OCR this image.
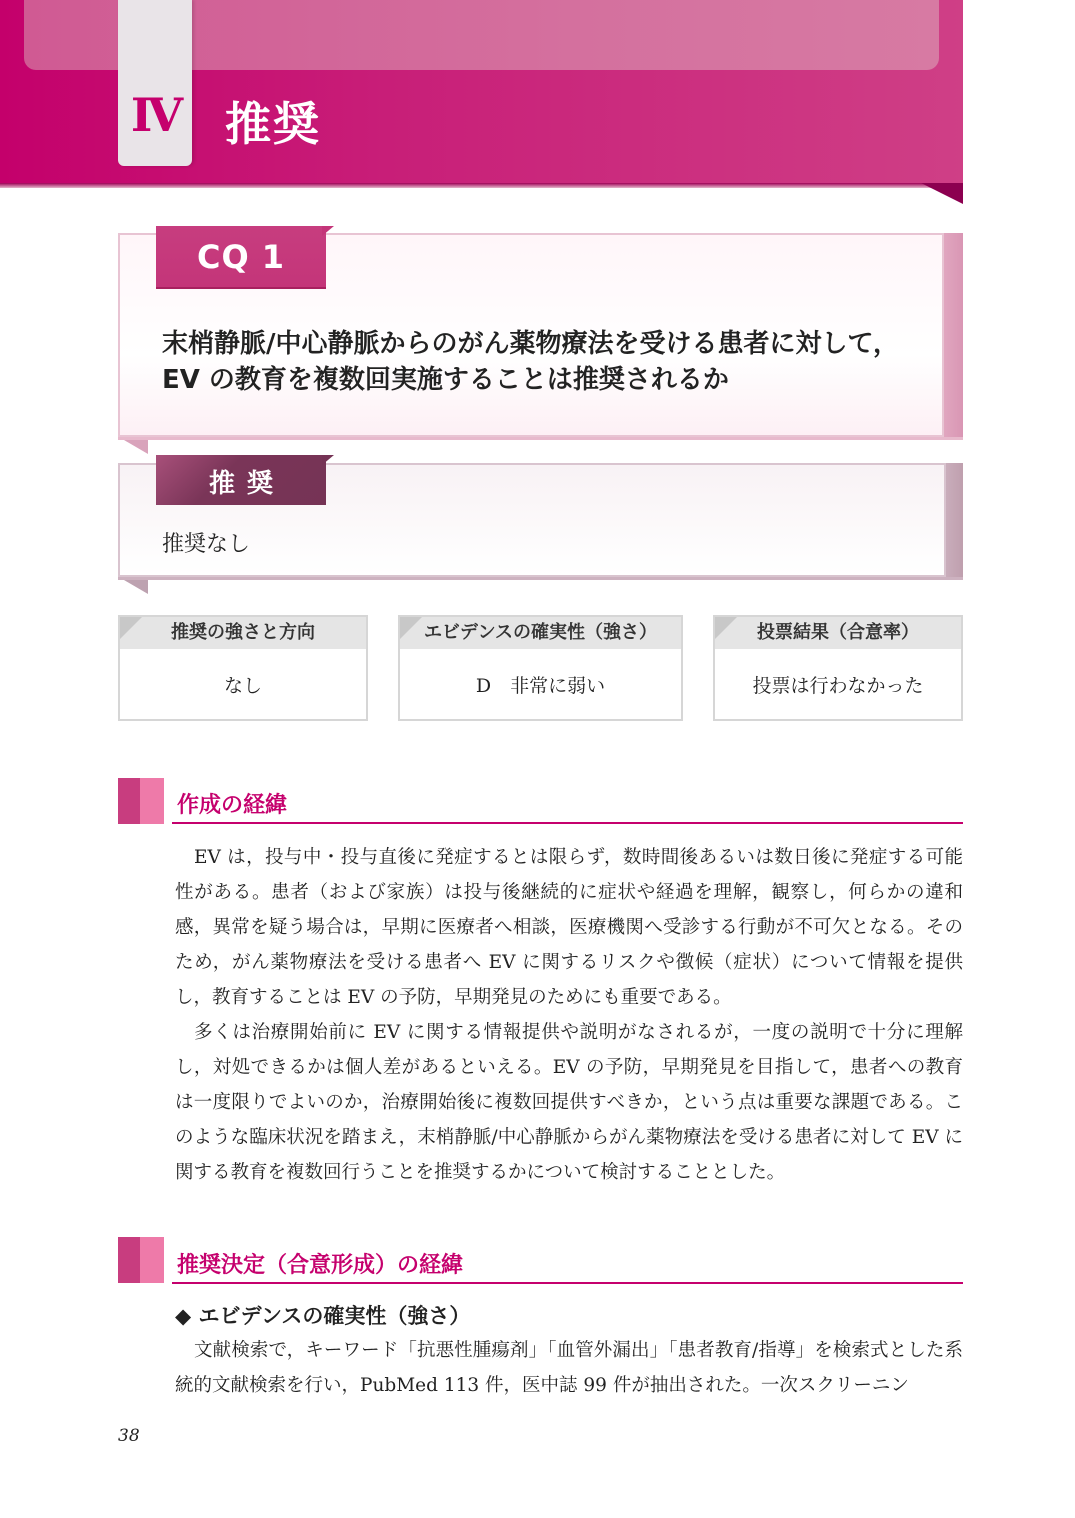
Ⅳ 推奨
CQ 1
末梢静脈/中心静脈からのがん薬物療法を受ける患者に対して，
EV の教育を複数回実施することは推奨されるか
推奨
推奨なし
推奨の強さと方向
なし
エビデンスの確実性（強さ）
D　非常に弱い
投票結果（合意率）
投票は行わなかった
作成の経緯

EV は，投与中・投与直後に発症するとは限らず，数時間後あるいは数日後に発症する可能性がある。患者（および家族）は投与後継続的に症状や経過を理解，観察し，何らかの違和感，異常を疑う場合は，早期に医療者へ相談，医療機関へ受診する行動が不可欠となる。そのため，がん薬物療法を受ける患者へ EV に関するリスクや徴候（症状）について情報を提供し，教育することは EV の予防，早期発見のためにも重要である。

多くは治療開始前に EV に関する情報提供や説明がなされるが，一度の説明で十分に理解し，対処できるかは個人差があるといえる。EV の予防，早期発見を目指して，患者への教育は一度限りでよいのか，治療開始後に複数回提供すべきか，という点は重要な課題である。このような臨床状況を踏まえ，末梢静脈/中心静脈からがん薬物療法を受ける患者に対して EV に関する教育を複数回行うことを推奨するかについて検討することとした。

推奨決定（合意形成）の経緯
◆ エビデンスの確実性（強さ）

文献検索で，キーワード「抗悪性腫瘍剤」「血管外漏出」「患者教育/指導」を検索式とした系統的文献検索を行い，PubMed 113 件，医中誌 99 件が抽出された。一次スクリーニン

38
